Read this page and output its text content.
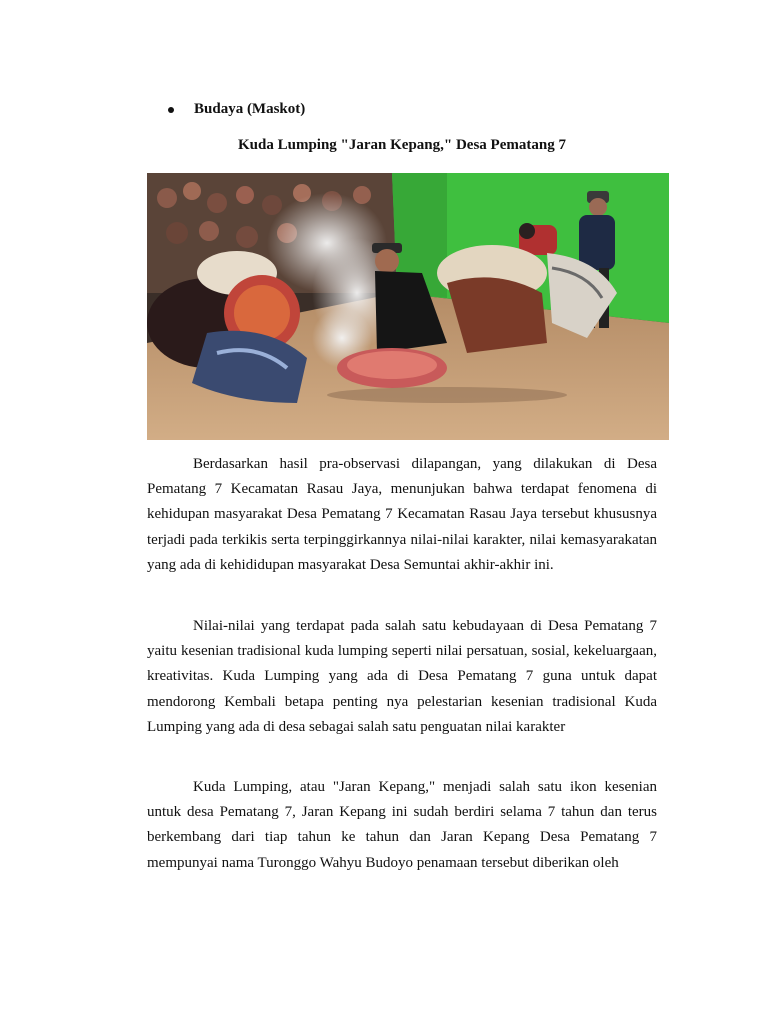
Budaya (Maskot)
Kuda Lumping "Jaran Kepang," Desa Pematang 7

Berdasarkan hasil pra-observasi dilapangan, yang dilakukan di Desa Pematang 7 Kecamatan Rasau Jaya, menunjukan bahwa terdapat fenomena di kehidupan masyarakat Desa Pematang 7 Kecamatan Rasau Jaya tersebut khususnya terjadi pada terkikis serta terpinggirkannya nilai-nilai karakter, nilai kemasyarakatan yang ada di kehididupan masyarakat Desa Semuntai akhir-akhir ini.

Nilai-nilai yang terdapat pada salah satu kebudayaan di Desa Pematang 7 yaitu kesenian tradisional kuda lumping seperti nilai persatuan, sosial, kekeluargaan, kreativitas. Kuda Lumping yang ada di Desa Pematang 7 guna untuk dapat mendorong Kembali betapa penting nya pelestarian kesenian tradisional Kuda Lumping yang ada di desa sebagai salah satu penguatan nilai karakter

Kuda Lumping, atau "Jaran Kepang," menjadi salah satu ikon kesenian untuk desa Pematang 7, Jaran Kepang ini sudah berdiri selama 7 tahun dan terus berkembang dari tiap tahun ke tahun dan Jaran Kepang Desa Pematang 7 mempunyai nama Turonggo Wahyu Budoyo penamaan tersebut diberikan oleh
